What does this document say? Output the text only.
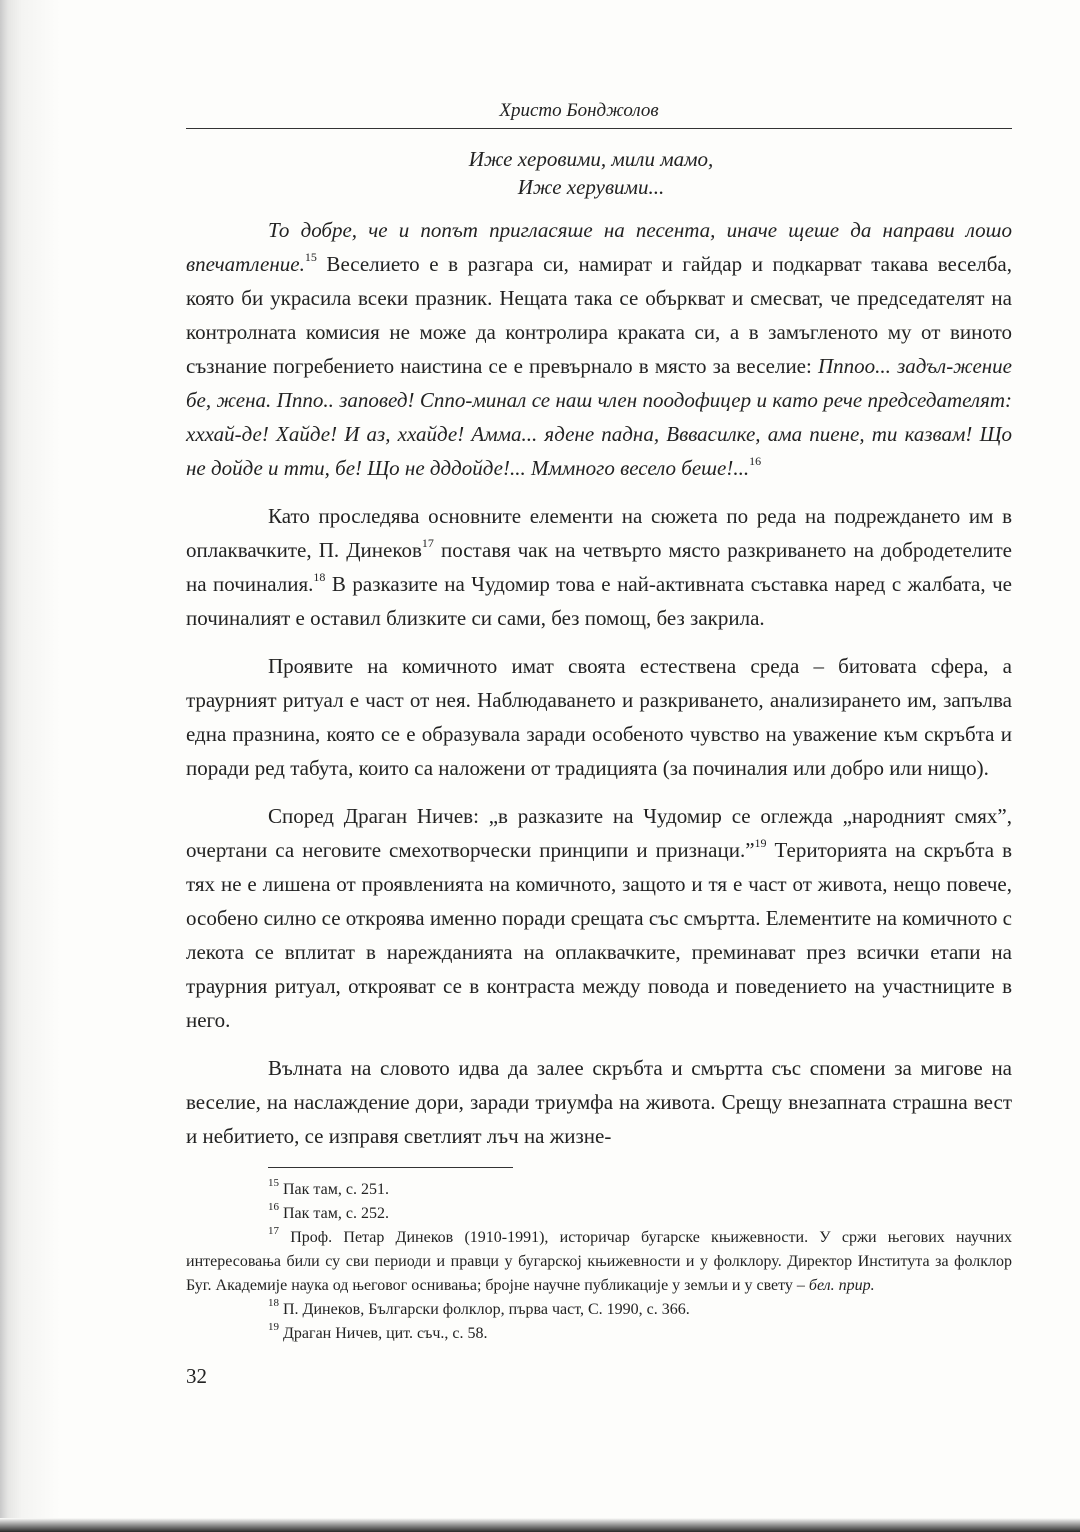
Христо Бонджолов
Иже херовими, мили мамо,
Иже херувими...

То добре, че и попът пригласяше на песента, иначе щеше да направи лошо впечатление.$^{15}$ Веселието е в разгара си, намират и гайдар и подкарват такава веселба, която би украсила всеки празник. Нещата така се объркват и смесват, че председателят на контролната комисия не може да контролира краката си, а в замъгленото му от виното съзнание погребението наистина се е превърнало в място за веселие: Пппоо... задъл-жение бе, жена. Пппо.. заповед! Сппо-минал се наш член поодофицер и като рече председателят: хххай-де! Хайде! И аз, ххайде! Амма... ядене падна, Ввваcилке, ама пиене, ти казвам! Що не дойде и тти, бе! Що не дддойде!... Мммнoго весело беше!...$^{16}$

Като проследява основните елементи на сюжета по реда на подреждането им в оплаквачките, П. Динеков$^{17}$ поставя чак на четвърто място разкриването на добродетелите на починалия.$^{18}$ В разказите на Чудомир това е най-активната съставка наред с жалбата, че починалият е оставил близките си сами, без помощ, без закрила.

Проявите на комичното имат своята естествена среда – битовата сфера, а траурният ритуал е част от нея. Наблюдаването и разкриването, анализирането им, запълва една празнина, която се е образувала заради особеното чувство на уважение към скръбта и поради ред табута, които са наложени от традицията (за починалия или добро или нищо).

Според Драган Ничев: „в разказите на Чудомир се оглежда „народният смях”, очертани са неговите смехотворчески принципи и признаци.”$^{19}$ Територията на скръбта в тях не е лишена от проявленията на комичното, защото и тя е част от живота, нещо повече, особено силно се откроява именно поради срещата със смъртта. Елементите на комичното с лекота се вплитат в нарежданията на оплаквачките, преминават през всички етапи на траурния ритуал, открояват се в контраста между повода и поведението на участниците в него.

Вълната на словото идва да залее скръбта и смъртта със спомени за мигове на веселие, на наслаждение дори, заради триумфа на живота. Срещу внезапната страшна вест и небитието, се изправя светлият лъч на жизне-

$^{15}$ Пак там, с. 251.
$^{16}$ Пак там, с. 252.
$^{17}$ Проф. Петар Динеков (1910-1991), историчар бугарске књижевности. У сржи његових научних интересовања били су сви периоди и правци у бугарској књижевности и у фолклору. Директор Института за фолклор Буг. Академије наука од његовог оснивања; бројне научне публикације у земљи и у свету – бел. прир.
$^{18}$ П. Динеков, Български фолклор, първа част, С. 1990, с. 366.
$^{19}$ Драган Ничев, цит. съч., с. 58.
32
